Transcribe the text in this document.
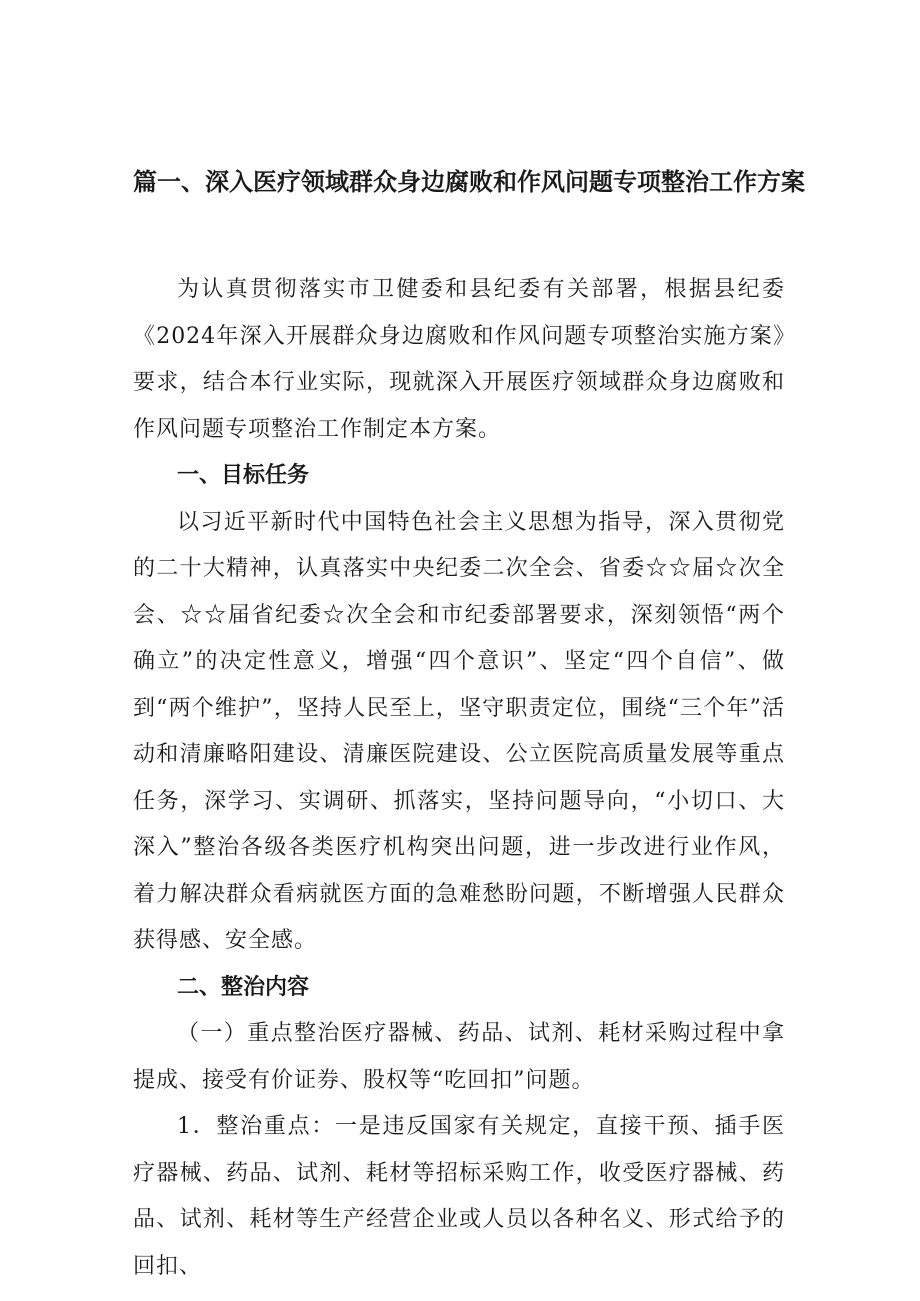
篇一、深入医疗领域群众身边腐败和作风问题专项整治工作方案

为认真贯彻落实市卫健委和县纪委有关部署，根据县纪委《2024年深入开展群众身边腐败和作风问题专项整治实施方案》要求，结合本行业实际，现就深入开展医疗领域群众身边腐败和作风问题专项整治工作制定本方案。

一、目标任务

以习近平新时代中国特色社会主义思想为指导，深入贯彻党的二十大精神，认真落实中央纪委二次全会、省委☆☆届☆次全会、☆☆届省纪委☆次全会和市纪委部署要求，深刻领悟“两个确立”的决定性意义，增强“四个意识”、坚定“四个自信”、做到“两个维护”，坚持人民至上，坚守职责定位，围绕“三个年”活动和清廉略阳建设、清廉医院建设、公立医院高质量发展等重点任务，深学习、实调研、抓落实，坚持问题导向，“小切口、大深入”整治各级各类医疗机构突出问题，进一步改进行业作风，着力解决群众看病就医方面的急难愁盼问题，不断增强人民群众获得感、安全感。

二、整治内容

（一）重点整治医疗器械、药品、试剂、耗材采购过程中拿提成、接受有价证券、股权等“吃回扣”问题。

1．整治重点：一是违反国家有关规定，直接干预、插手医疗器械、药品、试剂、耗材等招标采购工作，收受医疗器械、药品、试剂、耗材等生产经营企业或人员以各种名义、形式给予的回扣、
